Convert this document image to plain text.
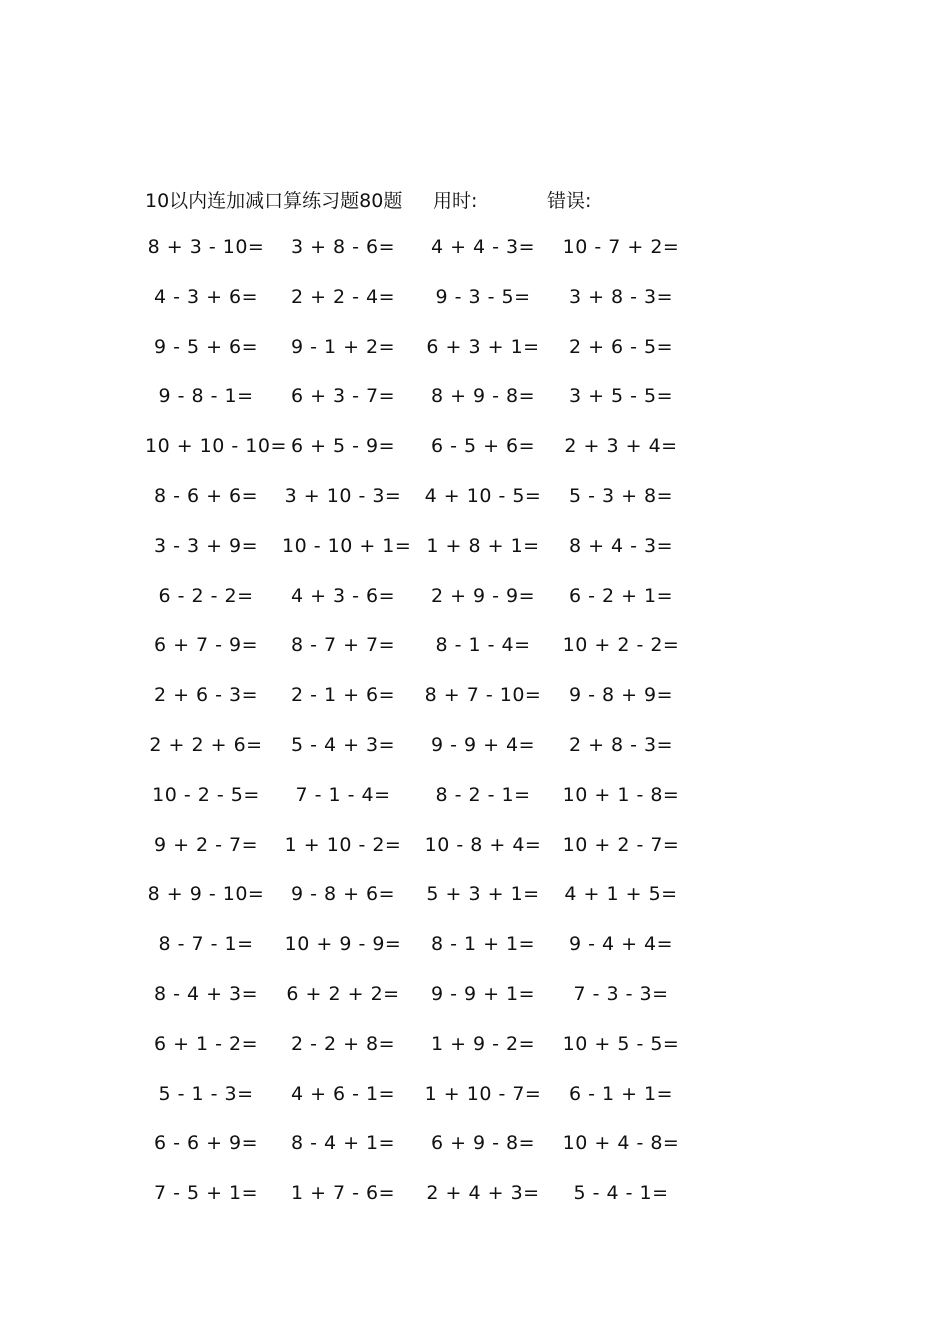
10以内连加减口算练习题80题 用时:	错误:
8 + 3 - 10=	3 + 8 - 6=	4 + 4 - 3=	10 - 7 + 2=
4 - 3 + 6=	2 + 2 - 4=	9 - 3 - 5=	3 + 8 - 3=
9 - 5 + 6=	9 - 1 + 2=	6 + 3 + 1=	2 + 6 - 5=
9 - 8 - 1=	6 + 3 - 7=	8 + 9 - 8=	3 + 5 - 5=
10 + 10 - 10= 6 + 5 - 9=	6 - 5 + 6=	2 + 3 + 4=
8 - 6 + 6=	3 + 10 - 3= 4 + 10 - 5=	5 - 3 + 8=
3 - 3 + 9=	10 - 10 + 1= 1 + 8 + 1=	8 + 4 - 3=
6 - 2 - 2=	4 + 3 - 6=	2 + 9 - 9=	6 - 2 + 1=
6 + 7 - 9=	8 - 7 + 7=	8 - 1 - 4=	10 + 2 - 2=
2 + 6 - 3=	2 - 1 + 6=	8 + 7 - 10=	9 - 8 + 9=
2 + 2 + 6=	5 - 4 + 3=	9 - 9 + 4=	2 + 8 - 3=
10 - 2 - 5=	7 - 1 - 4=	8 - 2 - 1=	10 + 1 - 8=
9 + 2 - 7=	1 + 10 - 2= 10 - 8 + 4= 10 + 2 - 7=
8 + 9 - 10=	9 - 8 + 6=	5 + 3 + 1= 4 + 1 + 5=
8 - 7 - 1=	10 + 9 - 9=	8 - 1 + 1=	9 - 4 + 4=
8 - 4 + 3=	6 + 2 + 2=	9 - 9 + 1=	7 - 3 - 3=
6 + 1 - 2=	2 - 2 + 8=	1 + 9 - 2=	10 + 5 - 5=
5 - 1 - 3=	4 + 6 - 1=	1 + 10 - 7=	6 - 1 + 1=
6 - 6 + 9=	8 - 4 + 1=	6 + 9 - 8=	10 + 4 - 8=
7 - 5 + 1=	1 + 7 - 6=	2 + 4 + 3=	5 - 4 - 1=
